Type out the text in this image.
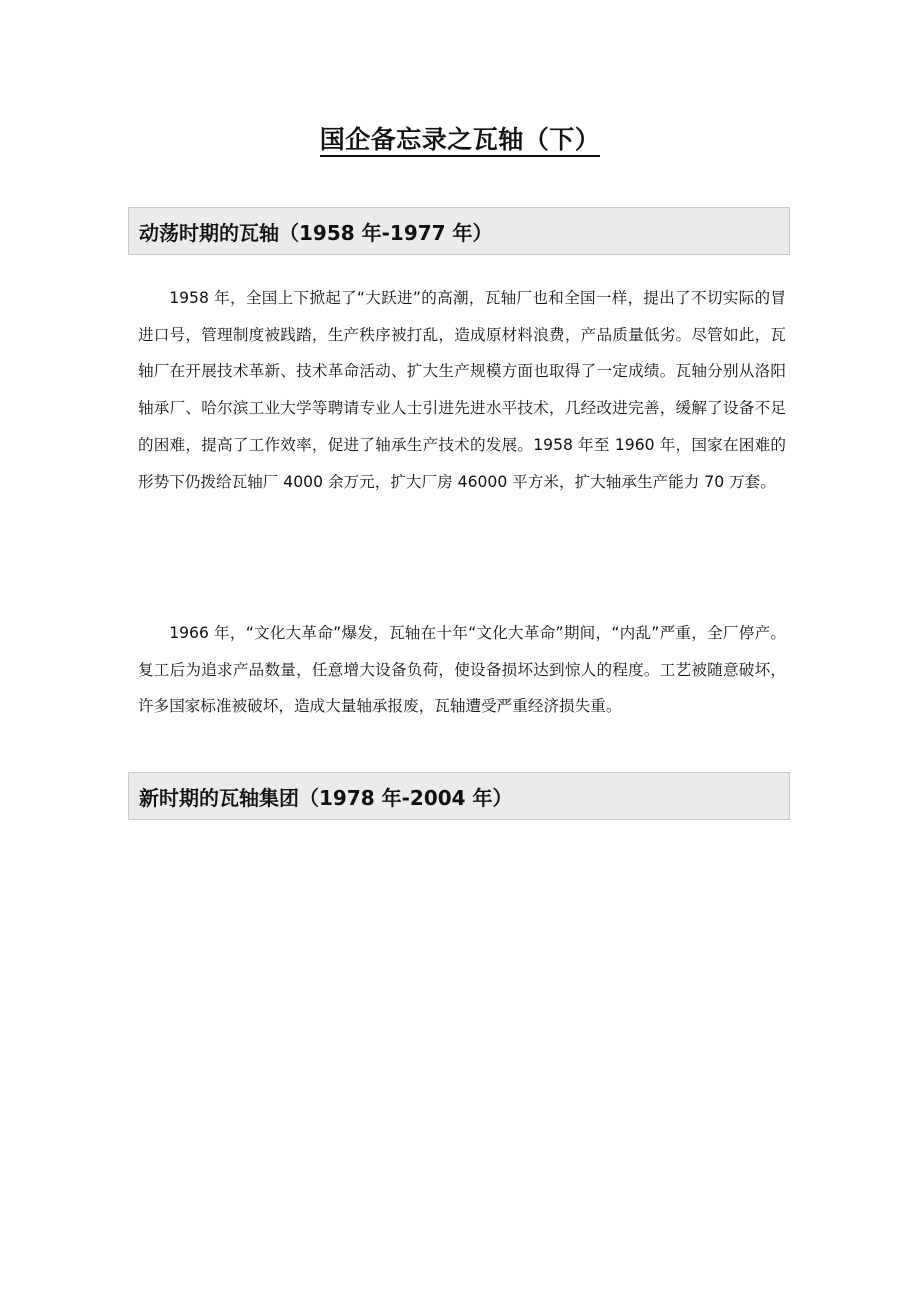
国企备忘录之瓦轴（下）
动荡时期的瓦轴（1958 年-1977 年）

1958 年，全国上下掀起了“大跃进”的高潮，瓦轴厂也和全国一样，提出了不切实际的冒进口号，管理制度被践踏，生产秩序被打乱，造成原材料浪费，产品质量低劣。尽管如此，瓦轴厂在开展技术革新、技术革命活动、扩大生产规模方面也取得了一定成绩。瓦轴分别从洛阳轴承厂、哈尔滨工业大学等聘请专业人士引进先进水平技术，几经改进完善，缓解了设备不足的困难，提高了工作效率，促进了轴承生产技术的发展。1958 年至 1960 年，国家在困难的形势下仍拨给瓦轴厂 4000 余万元，扩大厂房 46000 平方米，扩大轴承生产能力 70 万套。

1966 年，“文化大革命”爆发，瓦轴在十年“文化大革命”期间，“内乱”严重，全厂停产。复工后为追求产品数量，任意增大设备负荷，使设备损坏达到惊人的程度。工艺被随意破坏，许多国家标准被破坏，造成大量轴承报废，瓦轴遭受严重经济损失重。

新时期的瓦轴集团（1978 年-2004 年）
